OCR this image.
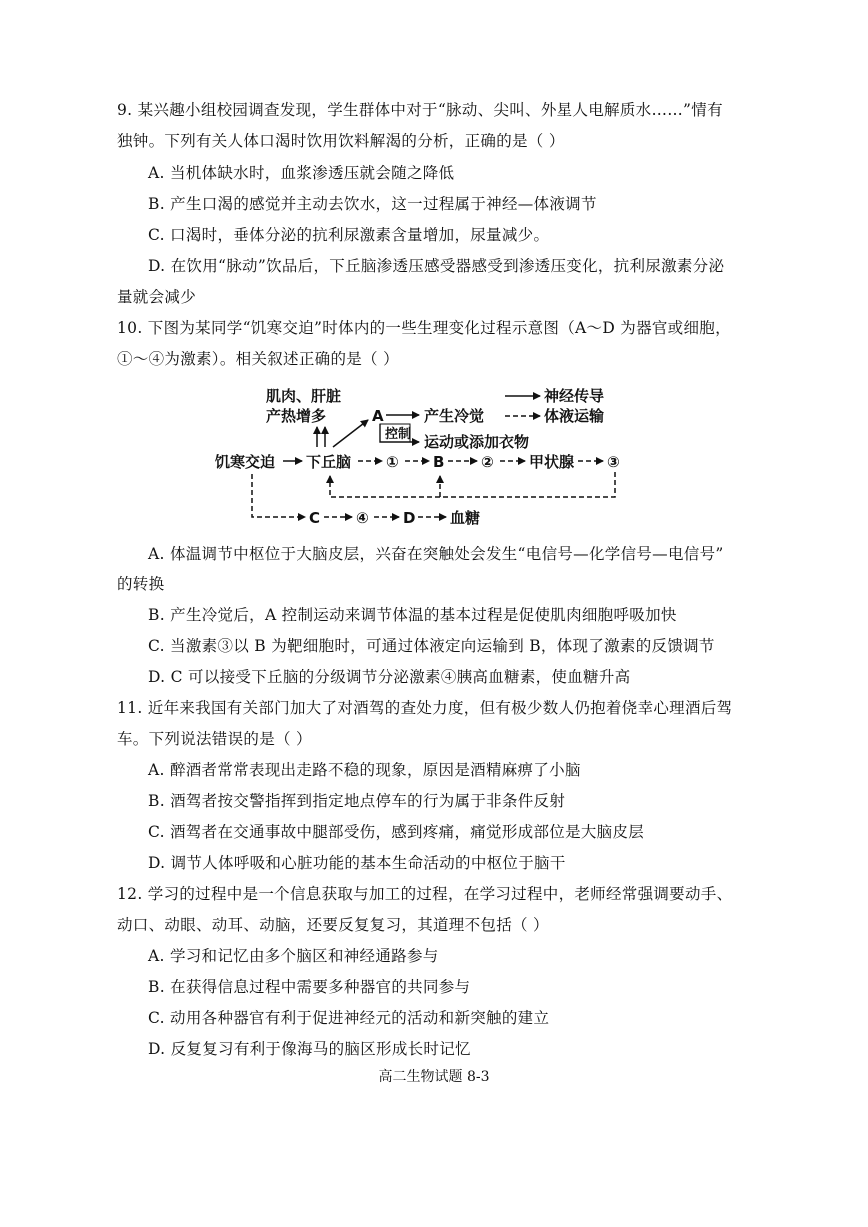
9. 某兴趣小组校园调查发现，学生群体中对于“脉动、尖叫、外星人电解质水……”情有
独钟。下列有关人体口渴时饮用饮料解渴的分析，正确的是（ ）
A. 当机体缺水时，血浆渗透压就会随之降低
B. 产生口渴的感觉并主动去饮水，这一过程属于神经—体液调节
C. 口渴时，垂体分泌的抗利尿激素含量增加，尿量减少。
D. 在饮用“脉动”饮品后，下丘脑渗透压感受器感受到渗透压变化，抗利尿激素分泌
量就会减少
10. 下图为某同学“饥寒交迫”时体内的一些生理变化过程示意图（A～D 为器官或细胞，
①～④为激素）。相关叙述正确的是（ ）
肌肉、肝脏
产热增多	A	产生冷觉
控制 运动或添加衣物
饥寒交迫 下丘脑 ① B ② 甲状腺 ③
C ④ D 血糖
神经传导
体液运输
A. 体温调节中枢位于大脑皮层，兴奋在突触处会发生“电信号—化学信号—电信号”
的转换
B. 产生冷觉后，A 控制运动来调节体温的基本过程是促使肌肉细胞呼吸加快
C. 当激素③以 B 为靶细胞时，可通过体液定向运输到 B，体现了激素的反馈调节
D. C 可以接受下丘脑的分级调节分泌激素④胰高血糖素，使血糖升高
11. 近年来我国有关部门加大了对酒驾的查处力度，但有极少数人仍抱着侥幸心理酒后驾
车。下列说法错误的是（ ）
A. 醉酒者常常表现出走路不稳的现象，原因是酒精麻痹了小脑
B. 酒驾者按交警指挥到指定地点停车的行为属于非条件反射
C. 酒驾者在交通事故中腿部受伤，感到疼痛，痛觉形成部位是大脑皮层
D. 调节人体呼吸和心脏功能的基本生命活动的中枢位于脑干
12. 学习的过程中是一个信息获取与加工的过程，在学习过程中，老师经常强调要动手、
动口、动眼、动耳、动脑，还要反复复习，其道理不包括（ ）
A. 学习和记忆由多个脑区和神经通路参与
B. 在获得信息过程中需要多种器官的共同参与
C. 动用各种器官有利于促进神经元的活动和新突触的建立
D. 反复复习有利于像海马的脑区形成长时记忆
高二生物试题 8-3
